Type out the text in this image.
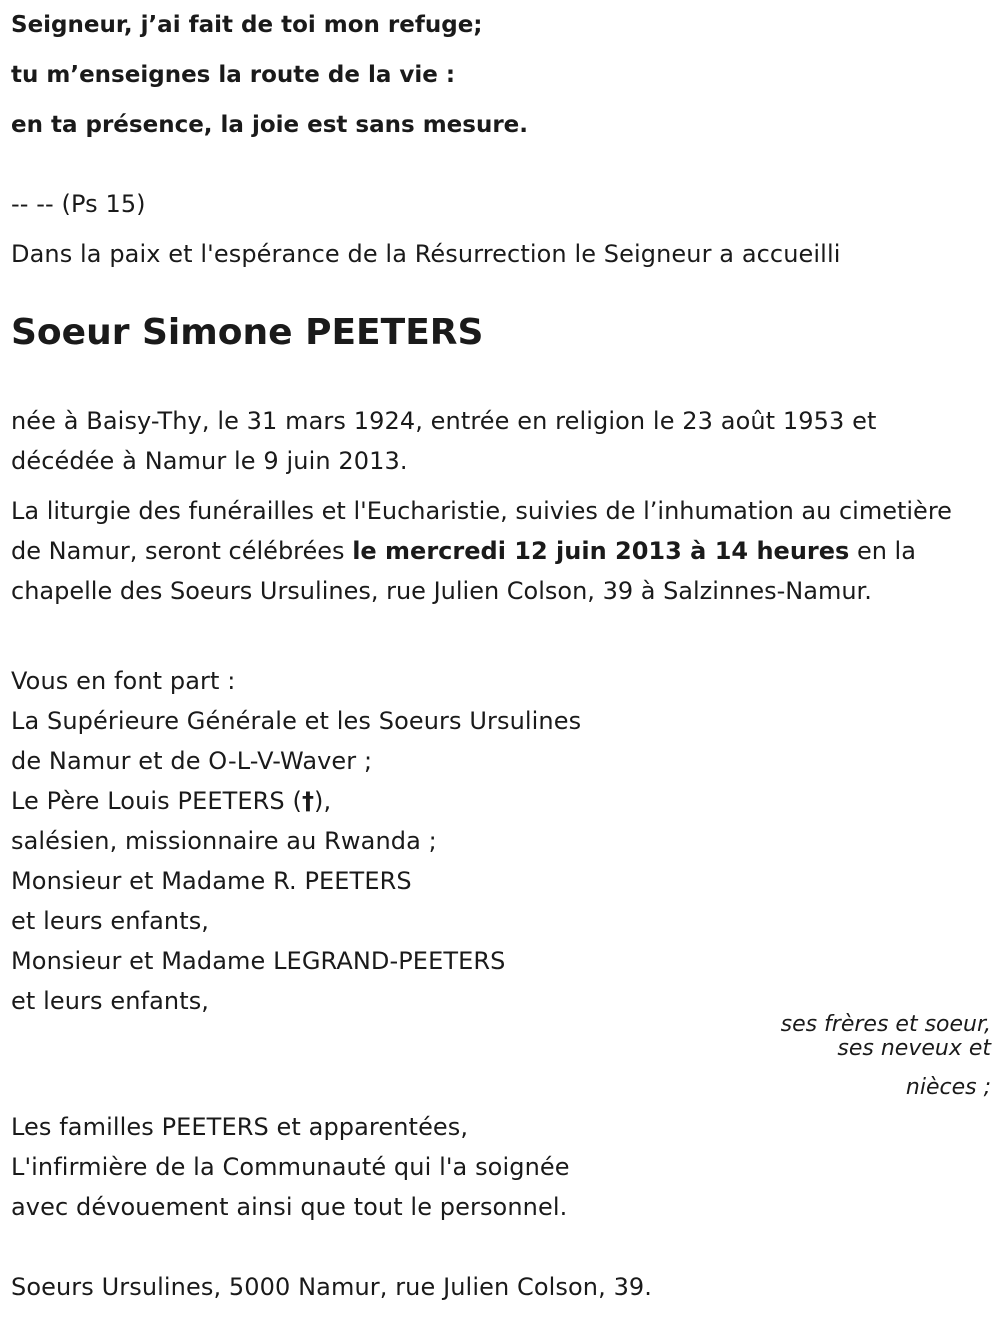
Seigneur, j’ai fait de toi mon refuge;
tu m’enseignes la route de la vie :
en ta présence, la joie est sans mesure.
-- -- (Ps 15)
Dans la paix et l'espérance de la Résurrection le Seigneur a accueilli
Soeur Simone PEETERS
née à Baisy-Thy, le 31 mars 1924, entrée en religion le 23 août 1953 et
décédée à Namur le 9 juin 2013.
La liturgie des funérailles et l'Eucharistie, suivies de l’inhumation au cimetière de Namur, seront célébrées le mercredi 12 juin 2013 à 14 heures en la chapelle des Soeurs Ursulines, rue Julien Colson, 39 à Salzinnes-Namur.
Vous en font part :
La Supérieure Générale et les Soeurs Ursulines
de Namur et de O-L-V-Waver ;
Le Père Louis PEETERS (†),
salésien, missionnaire au Rwanda ;
Monsieur et Madame R. PEETERS
et leurs enfants,
Monsieur et Madame LEGRAND-PEETERS
et leurs enfants,
ses frères et soeur,
ses neveux et
nièces ;
Les familles PEETERS et apparentées,
L'infirmière de la Communauté qui l'a soignée
avec dévouement ainsi que tout le personnel.
Soeurs Ursulines, 5000 Namur, rue Julien Colson, 39.
